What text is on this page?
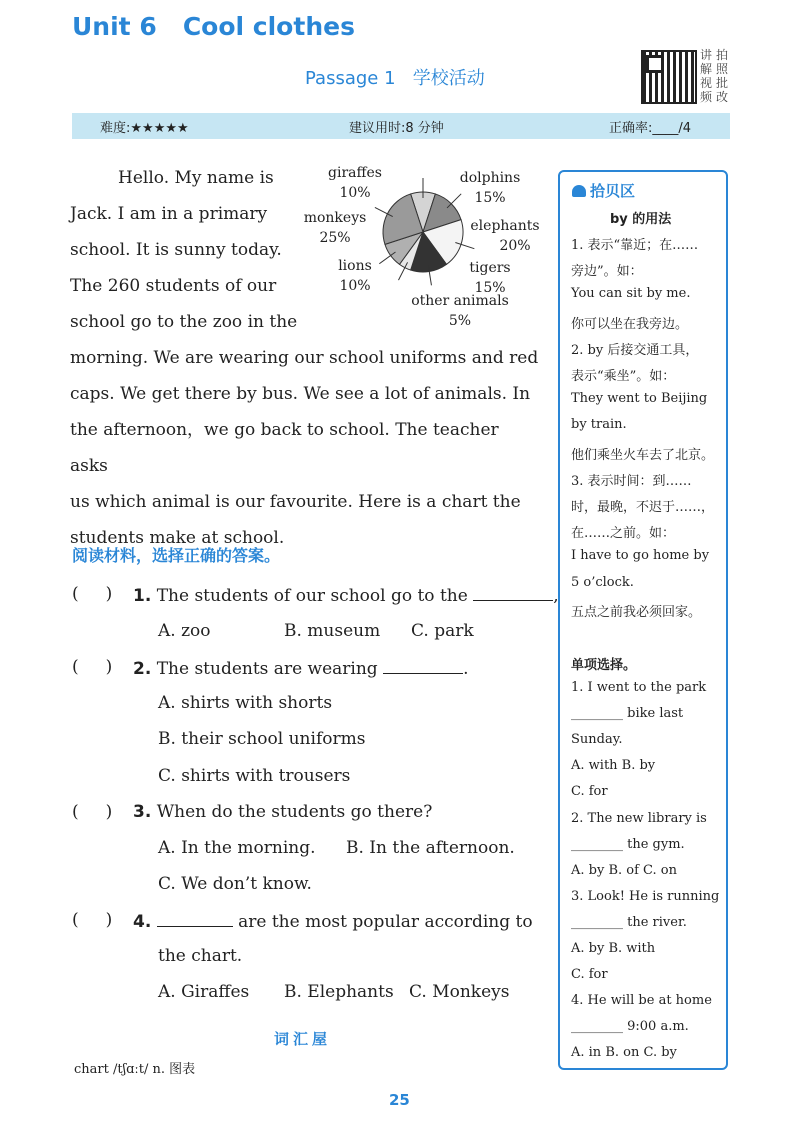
Unit 6   Cool clothes
Passage 1   学校活动
讲 拍
解 照
视 批
频 改
难度:★★★★★	建议用时:8 分钟	正确率:____/4
Hello. My name is
Jack. I am in a primary
school. It is sunny today.
The 260 students of our
school go to the zoo in the
morning. We are wearing our school uniforms and red
caps. We get there by bus. We see a lot of animals. In
the afternoon，we go back to school. The teacher asks
us which animal is our favourite. Here is a chart the
students make at school.
giraffes
10%
dolphins
15%
elephants
20%
tigers
15%
other animals
5%
lions
10%
monkeys
25%
阅读材料，选择正确的答案。
(     ) 1. The students of our school go to the	,
A. zoo	B. museum C. park
(     ) 2. The students are wearing	.
A. shirts with shorts
B. their school uniforms
C. shirts with trousers
(     ) 3. When do the students go there?
A. In the morning. B. In the afternoon.
C. We don’t know.
(     ) 4.	are the most popular according to
the chart.
A. Giraffes B. Elephants C. Monkeys
拾贝区
by 的用法
1. 表示“靠近；在……
旁边”。如：
You can sit by me.
你可以坐在我旁边。
2. by 后接交通工具，
表示“乘坐”。如：
They went to Beijing
by train.
他们乘坐火车去了北京。
3. 表示时间：到……
时，最晚，不迟于……，
在……之前。如：
I have to go home by
5 o’clock.
五点之前我必须回家。
单项选择。
1. I went to the park
________ bike last
Sunday.
A. with B. by
C. for
2. The new library is
________ the gym.
A. by B. of C. on
3. Look! He is running
________ the river.
A. by B. with
C. for
4. He will be at home
________ 9:00 a.m.
A. in B. on C. by
词汇屋
chart /tʃɑːt/ n. 图表
25
